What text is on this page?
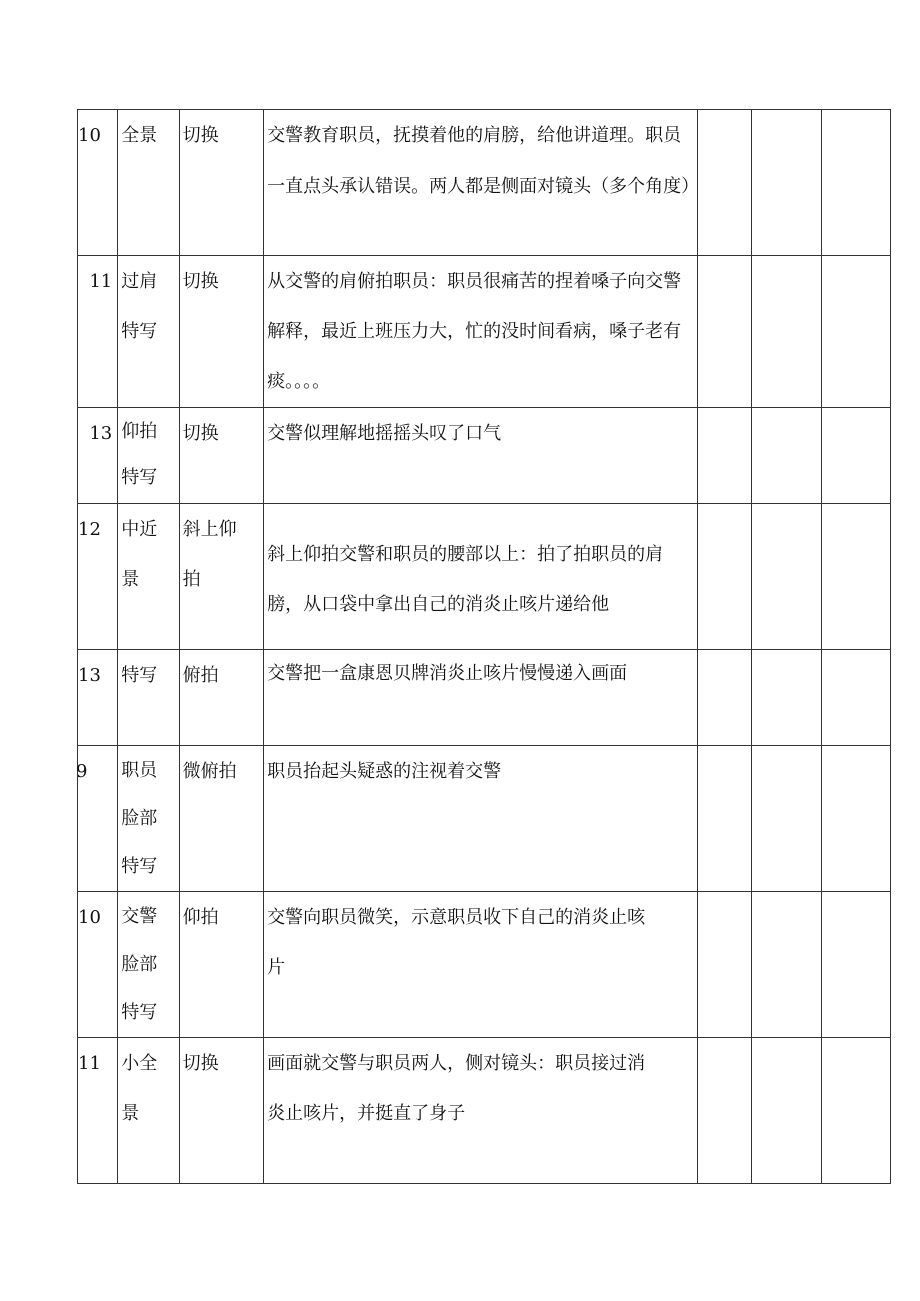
10	全景	切换	交警教育职员，抚摸着他的肩膀，给他讲道理。职员一直点头承认错误。两人都是侧面对镜头（多个角度）			

11	过肩特写	切换	从交警的肩俯拍职员：职员很痛苦的捏着嗓子向交警解释，最近上班压力大，忙的没时间看病，嗓子老有痰。。。。			

13	仰拍特写	切换	交警似理解地摇摇头叹了口气			

12	中近景	斜上仰拍	斜上仰拍交警和职员的腰部以上：拍了拍职员的肩膀，从口袋中拿出自己的消炎止咳片递给他			

13	特写	俯拍	交警把一盒康恩贝牌消炎止咳片慢慢递入画面			

9	职员脸部特写	微俯拍	职员抬起头疑惑的注视着交警			

10	交警脸部特写	仰拍	交警向职员微笑，示意职员收下自己的消炎止咳片			

11	小全景	切换	画面就交警与职员两人，侧对镜头：职员接过消炎止咳片，并挺直了身子			
